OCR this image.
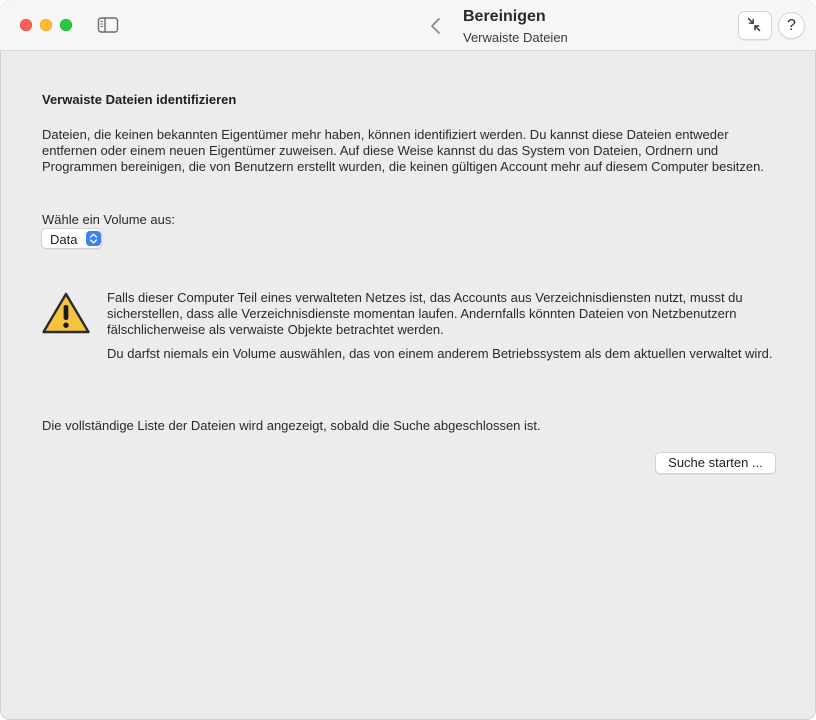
Bereinigen
Verwaiste Dateien
?
Verwaiste Dateien identifizieren
Dateien, die keinen bekannten Eigentümer mehr haben, können identifiziert werden. Du kannst diese Dateien entweder entfernen oder einem neuen Eigentümer zuweisen. Auf diese Weise kannst du das System von Dateien, Ordnern und Programmen bereinigen, die von Benutzern erstellt wurden, die keinen gültigen Account mehr auf diesem Computer besitzen.
Wähle ein Volume aus:
Data

Falls dieser Computer Teil eines verwalteten Netzes ist, das Accounts aus Verzeichnisdiensten nutzt, musst du sicherstellen, dass alle Verzeichnisdienste momentan laufen. Andernfalls könnten Dateien von Netzbenutzern fälschlicherweise als verwaiste Objekte betrachtet werden.

Du darfst niemals ein Volume auswählen, das von einem anderem Betriebssystem als dem aktuellen verwaltet wird.

Die vollständige Liste der Dateien wird angezeigt, sobald die Suche abgeschlossen ist.
Suche starten ...
